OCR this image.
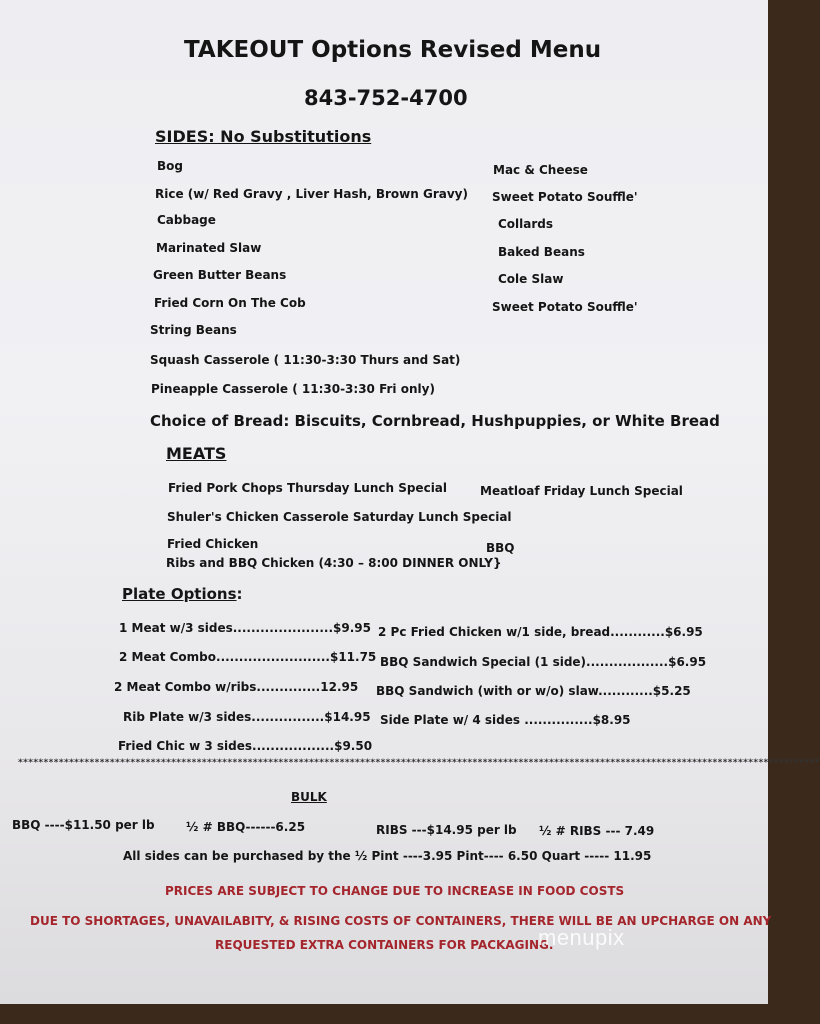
TAKEOUT Options Revised Menu
843-752-4700
SIDES: No Substitutions
Bog
Rice (w/ Red Gravy , Liver Hash, Brown Gravy)
Cabbage
Marinated Slaw
Green Butter Beans
Fried Corn On The Cob
String Beans
Squash Casserole ( 11:30-3:30 Thurs and Sat)
Pineapple Casserole ( 11:30-3:30 Fri only)
Mac & Cheese
Sweet Potato Souffle'
Collards
Baked Beans
Cole Slaw
Sweet Potato Souffle'
Choice of Bread: Biscuits, Cornbread, Hushpuppies, or White Bread
MEATS
Fried Pork Chops Thursday Lunch Special	Meatloaf Friday Lunch Special
Shuler's Chicken Casserole Saturday Lunch Special
Fried Chicken	BBQ
Ribs and BBQ Chicken (4:30 – 8:00 DINNER ONLY}
Plate Options:
1 Meat w/3 sides......................$9.95
2 Meat Combo.........................$11.75
2 Meat Combo w/ribs..............12.95
Rib Plate w/3 sides................$14.95
Fried Chic w 3 sides..................$9.50
2 Pc Fried Chicken w/1 side, bread............$6.95
BBQ Sandwich Special (1 side)..................$6.95
BBQ Sandwich (with or w/o) slaw............$5.25
Side Plate w/ 4 sides ...............$8.95
*************************************************************************************************************************************************************
BULK
BBQ ----$11.50 per lb	½ # BBQ------6.25	RIBS ---$14.95 per lb ½ # RIBS --- 7.49
All sides can be purchased by the ½ Pint ----3.95 Pint---- 6.50 Quart ----- 11.95
PRICES ARE SUBJECT TO CHANGE DUE TO INCREASE IN FOOD COSTS
DUE TO SHORTAGES, UNAVAILABITY, & RISING COSTS OF CONTAINERS, THERE WILL BE AN UPCHARGE ON ANY
REQUESTED EXTRA CONTAINERS FOR PACKAGING.
menupix
